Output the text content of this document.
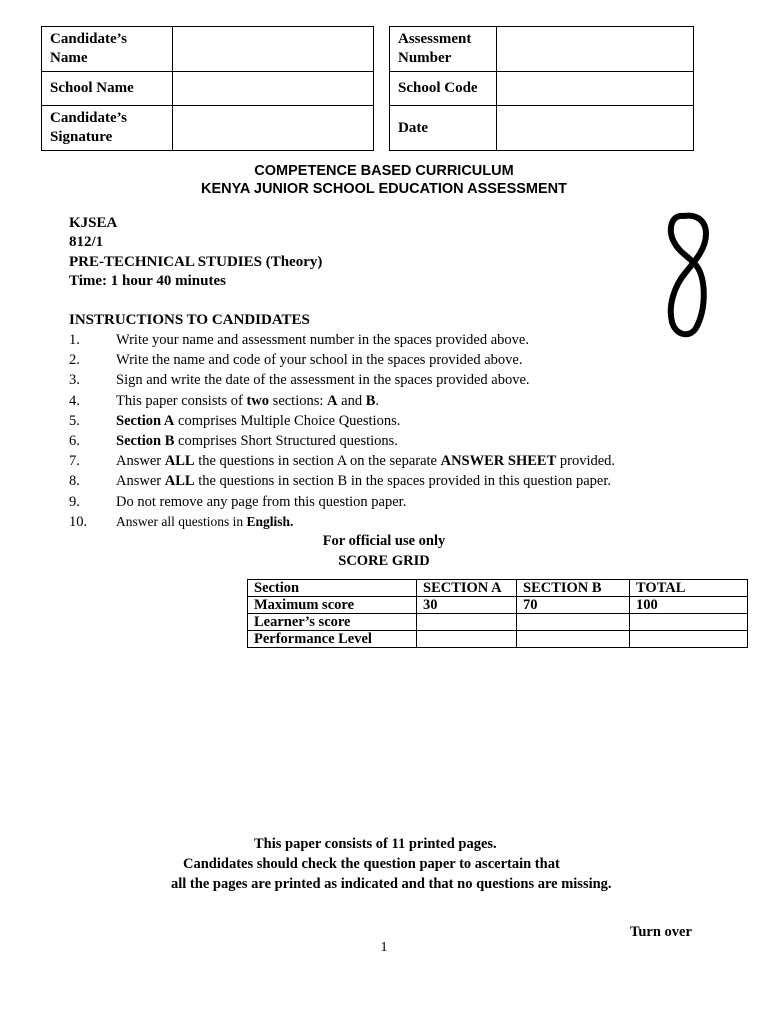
Candidate’s
Name	
School Name	
Candidate’s
Signature	
Assessment
Number	
School Code	
Date	
COMPETENCE BASED CURRICULUM
KENYA JUNIOR SCHOOL EDUCATION ASSESSMENT
KJSEA
812/1
PRE-TECHNICAL STUDIES (Theory)
Time: 1 hour 40 minutes
INSTRUCTIONS TO CANDIDATES
1. Write your name and assessment number in the spaces provided above.
2. Write the name and code of your school in the spaces provided above.
3. Sign and write the date of the assessment in the spaces provided above.
4. This paper consists of two sections: A and B.
5. Section A comprises Multiple Choice Questions.
6. Section B comprises Short Structured questions.
7. Answer ALL the questions in section A on the separate ANSWER SHEET provided.
8. Answer ALL the questions in section B in the spaces provided in this question paper.
9. Do not remove any page from this question paper.
10. Answer all questions in English.
For official use only
SCORE GRID
Section	SECTION A	SECTION B	TOTAL
Maximum score	30	70	100
Learner’s score			
Performance Level			
This paper consists of 11 printed pages.
Candidates should check the question paper to ascertain that
all the pages are printed as indicated and that no questions are missing.
Turn over
1
